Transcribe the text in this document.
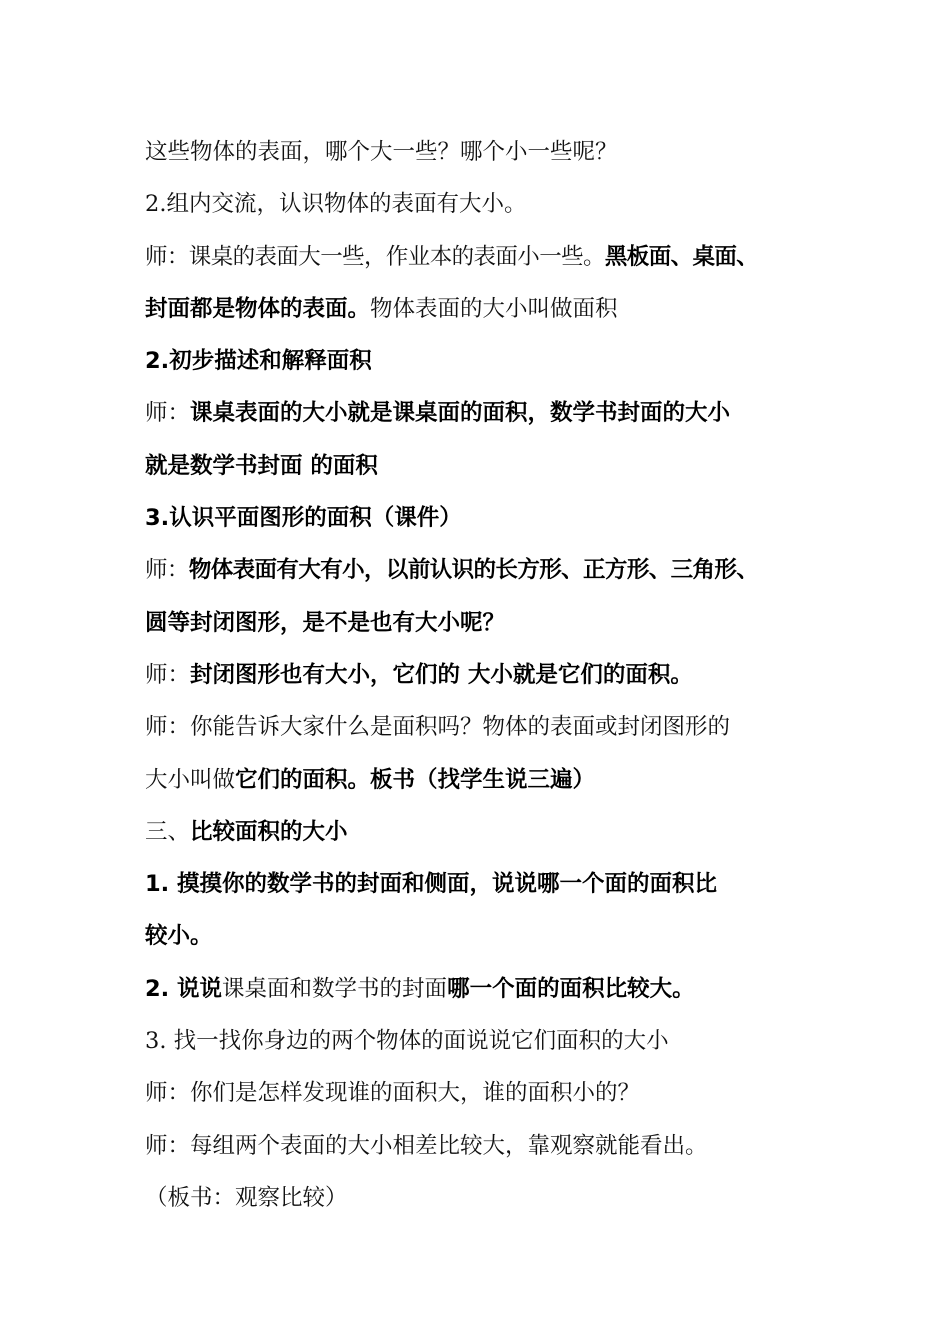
这些物体的表面，哪个大一些？哪个小一些呢？
2.组内交流，认识物体的表面有大小。
师：课桌的表面大一些，作业本的表面小一些。黑板面、桌面、
封面都是物体的表面。物体表面的大小叫做面积
2.初步描述和解释面积
师：课桌表面的大小就是课桌面的面积，数学书封面的大小
就是数学书封面 的面积
3.认识平面图形的面积（课件）
师：物体表面有大有小，以前认识的长方形、正方形、三角形、
圆等封闭图形，是不是也有大小呢？
师：封闭图形也有大小，它们的 大小就是它们的面积。
师：你能告诉大家什么是面积吗？物体的表面或封闭图形的
大小叫做它们的面积。板书（找学生说三遍）
三、比较面积的大小
1. 摸摸你的数学书的封面和侧面，说说哪一个面的面积比
较小。
2. 说说课桌面和数学书的封面哪一个面的面积比较大。
3. 找一找你身边的两个物体的面说说它们面积的大小
师：你们是怎样发现谁的面积大，谁的面积小的？
师：每组两个表面的大小相差比较大，靠观察就能看出。
（板书：观察比较）
